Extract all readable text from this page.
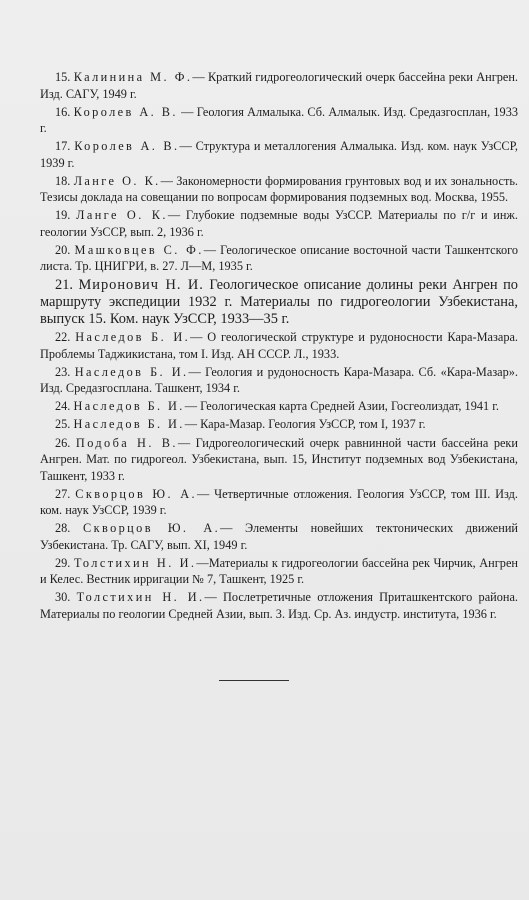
15. Калинина М. Ф.— Краткий гидрогеологический очерк бассейна реки Ангрен. Изд. САГУ, 1949 г.

16. Королев А. В. — Геология Алмалыка. Сб. Алмалык. Изд. Средазгосплан, 1933 г.

17. Королев А. В.— Структура и металлогения Алмалыка. Изд. ком. наук УзССР, 1939 г.

18. Ланге О. К.— Закономерности формирования грунтовых вод и их зональность. Тезисы доклада на совещании по вопросам формирования подземных вод. Москва, 1955.

19. Ланге О. К.— Глубокие подземные воды УзССР. Материалы по г/г и инж. геологии УзССР, вып. 2, 1936 г.

20. Машковцев С. Ф.— Геологическое описание восточной части Ташкентского листа. Тр. ЦНИГРИ, в. 27. Л—М, 1935 г.

21. Миронович Н. И. Геологическое описание долины реки Ангрен по маршруту экспедиции 1932 г. Материалы по гидрогеологии Узбекистана, выпуск 15. Ком. наук УзССР, 1933—35 г.

22. Наследов Б. И.— О геологической структуре и рудоносности Кара-Мазара. Проблемы Таджикистана, том I. Изд. АН СССР. Л., 1933.

23. Наследов Б. И.— Геология и рудоносность Кара-Мазара. Сб. «Кара-Мазар». Изд. Средазгосплана. Ташкент, 1934 г.

24. Наследов Б. И.— Геологическая карта Средней Азии, Госгеолиздат, 1941 г.

25. Наследов Б. И.— Кара-Мазар. Геология УзССР, том I, 1937 г.

26. Подоба Н. В.— Гидрогеологический очерк равнинной части бассейна реки Ангрен. Мат. по гидрогеол. Узбекистана, вып. 15, Институт подземных вод Узбекистана, Ташкент, 1933 г.

27. Скворцов Ю. А.— Четвертичные отложения. Геология УзССР, том III. Изд. ком. наук УзССР, 1939 г.

28. Скворцов Ю. А.— Элементы новейших тектонических движений Узбекистана. Тр. САГУ, вып. XI, 1949 г.

29. Толстихин Н. И.—Материалы к гидрогеологии бассейна рек Чирчик, Ангрен и Келес. Вестник ирригации № 7, Ташкент, 1925 г.

30. Толстихин Н. И.— Послетретичные отложения Приташкентского района. Материалы по геологии Средней Азии, вып. 3. Изд. Ср. Аз. индустр. института, 1936 г.
